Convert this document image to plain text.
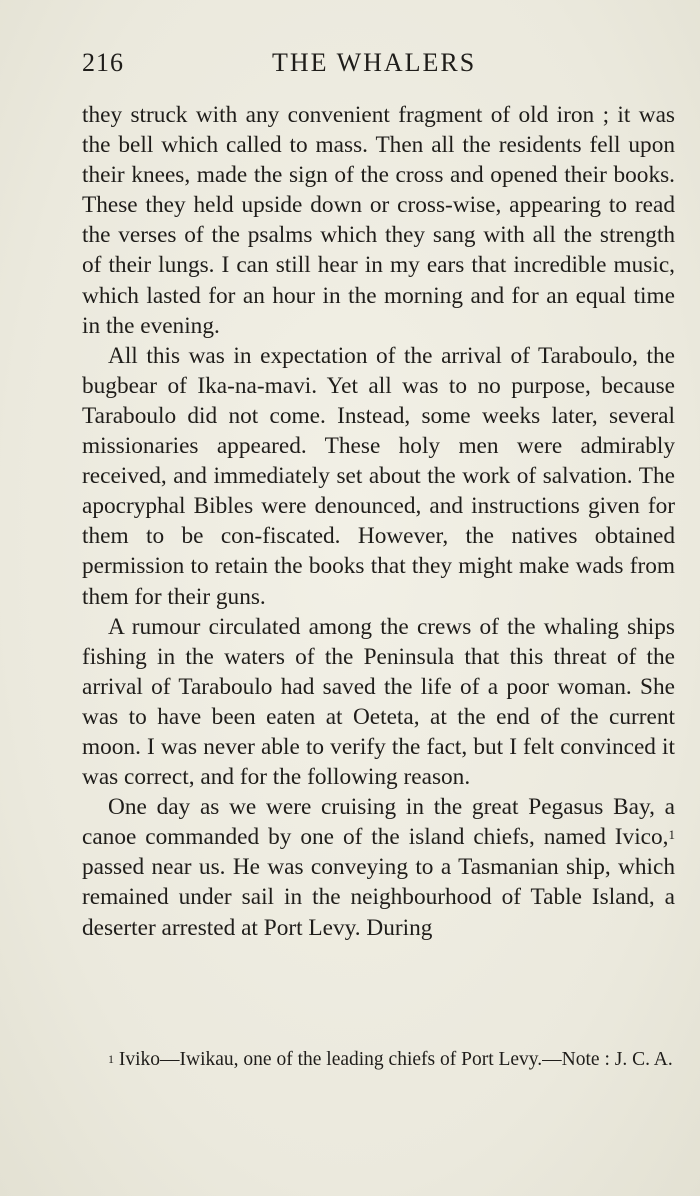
216	THE WHALERS

they struck with any convenient fragment of old iron ; it was the bell which called to mass. Then all the residents fell upon their knees, made the sign of the cross and opened their books. These they held upside down or cross-wise, appearing to read the verses of the psalms which they sang with all the strength of their lungs. I can still hear in my ears that incredible music, which lasted for an hour in the morning and for an equal time in the evening.

All this was in expectation of the arrival of Taraboulo, the bugbear of Ika-na-mavi. Yet all was to no purpose, because Taraboulo did not come. Instead, some weeks later, several missionaries appeared. These holy men were admirably received, and immediately set about the work of salvation. The apocryphal Bibles were denounced, and instructions given for them to be con-fiscated. However, the natives obtained permission to retain the books that they might make wads from them for their guns.

A rumour circulated among the crews of the whaling ships fishing in the waters of the Peninsula that this threat of the arrival of Taraboulo had saved the life of a poor woman. She was to have been eaten at Oeteta, at the end of the current moon. I was never able to verify the fact, but I felt convinced it was correct, and for the following reason.

One day as we were cruising in the great Pegasus Bay, a canoe commanded by one of the island chiefs, named Ivico,$^1$ passed near us. He was conveying to a Tasmanian ship, which remained under sail in the neighbourhood of Table Island, a deserter arrested at Port Levy. During

$^1$ Iviko—Iwikau, one of the leading chiefs of Port Levy.—Note : J. C. A.
